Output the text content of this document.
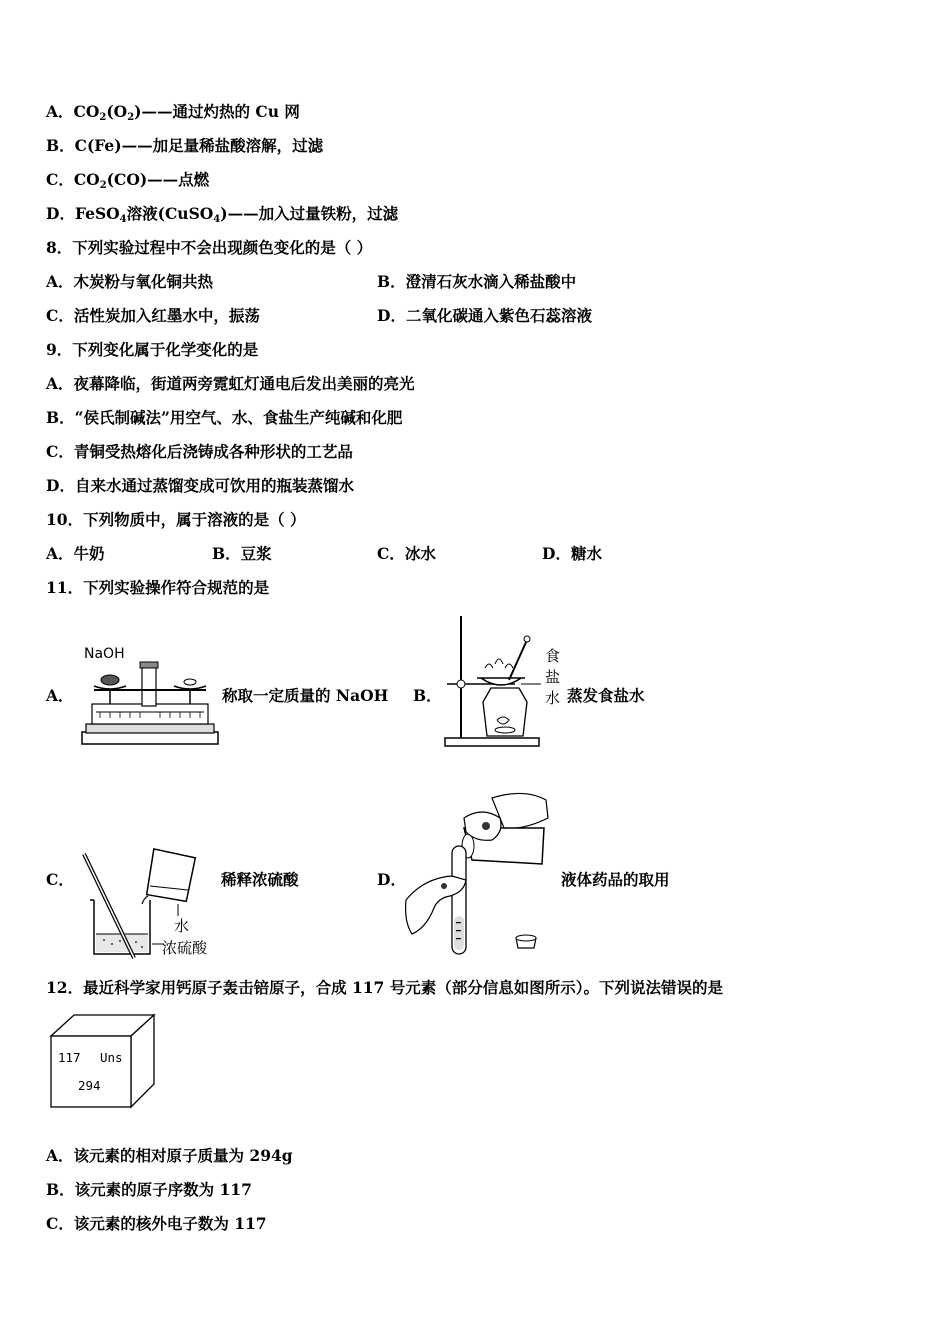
A．$CO_2(O_2)——$通过灼热的 Cu 网
B．C(Fe)——加足量稀盐酸溶解，过滤
C．$CO_2(CO)——$点燃
D．FeSO$_4$溶液(CuSO$_4$)——加入过量铁粉，过滤
8．下列实验过程中不会出现颜色变化的是（ ）
A．木炭粉与氧化铜共热	B．澄清石灰水滴入稀盐酸中
C．活性炭加入红墨水中，振荡	D．二氧化碳通入紫色石蕊溶液
9．下列变化属于化学变化的是
A．夜幕降临，街道两旁霓虹灯通电后发出美丽的亮光
B．“侯氏制碱法”用空气、水、食盐生产纯碱和化肥
C．青铜受热熔化后浇铸成各种形状的工艺品
D．自来水通过蒸馏变成可饮用的瓶装蒸馏水
10．下列物质中，属于溶液的是（ ）
A．牛奶	B．豆浆	C．冰水	D．糖水
11．下列实验操作符合规范的是
A．
NaOH
称取一定质量的 NaOH B．
食
盐
水 蒸发食盐水
C．
水
浓硫酸
稀释浓硫酸	D．	液体药品的取用
12．最近科学家用钙原子轰击锫原子，合成 117 号元素（部分信息如图所示）。下列说法错误的是
117 Uns
294
A．该元素的相对原子质量为 294g
B．该元素的原子序数为 117
C．该元素的核外电子数为 117
